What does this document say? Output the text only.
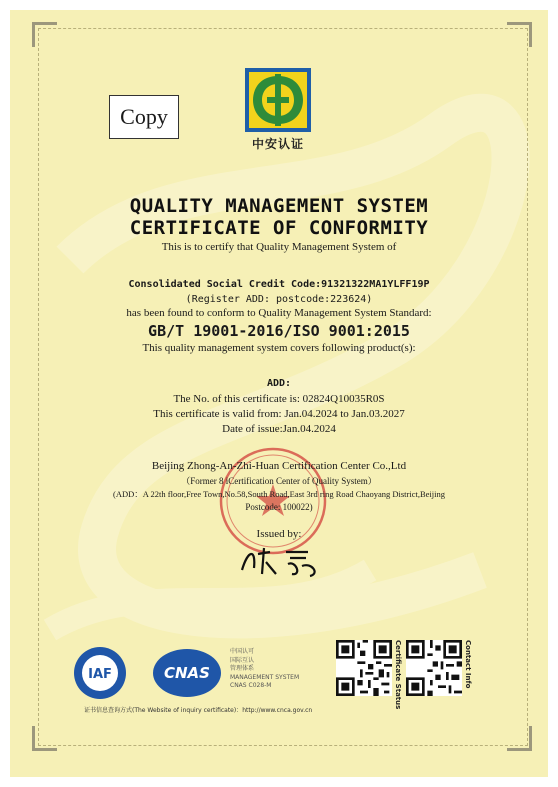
Copy
中安认证
QUALITY MANAGEMENT SYSTEM
CERTIFICATE OF CONFORMITY
This is to certify that Quality Management System of
Consolidated Social Credit Code:91321322MA1YLFF19P
(Register ADD: postcode:223624)
has been found to conform to Quality Management System Standard:
GB/T 19001-2016/ISO 9001:2015
This quality management system covers following product(s):
ADD:
The No. of this certificate is: 02824Q10035R0S
This certificate is valid from: Jan.04.2024 to Jan.03.2027
Date of issue:Jan.04.2024
Beijing Zhong-An-Zhi-Huan Certification Center Co.,Ltd
（Former 8 iCertification Center of Quality System）
(ADD：A 22th floor,Free Town,No.58,South Road,East 3rd ring Road Chaoyang District,Beijing
Postcode: 100022)
Issued by:
IAF	CNAS
中国认可
国际互认
管理体系
MANAGEMENT SYSTEM
CNAS C028-M
证书信息查询方式(The Website of inquiry certificate)：http://www.cnca.gov.cn
Certificate Status	Contact Info
